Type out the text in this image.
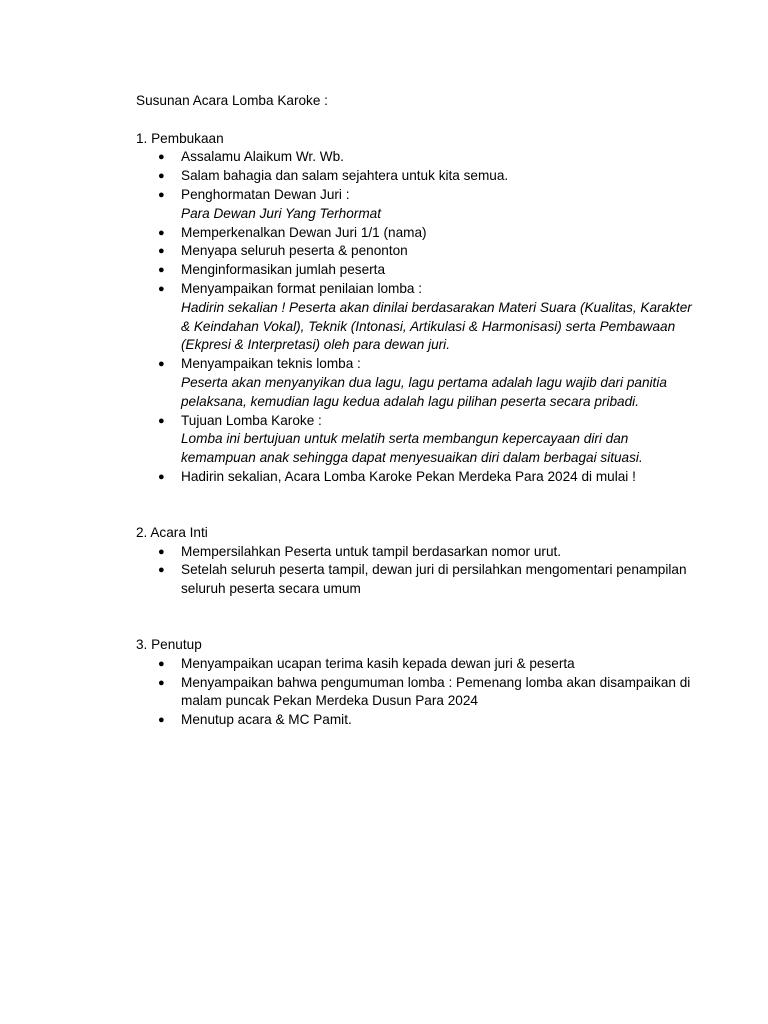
Susunan Acara Lomba Karoke :

1. Pembukaan

● Assalamu Alaikum Wr. Wb.
● Salam bahagia dan salam sejahtera untuk kita semua.
● Penghormatan Dewan Juri :
Para Dewan Juri Yang Terhormat
● Memperkenalkan Dewan Juri 1/1 (nama)
● Menyapa seluruh peserta & penonton
● Menginformasikan jumlah peserta
● Menyampaikan format penilaian lomba :
Hadirin sekalian ! Peserta akan dinilai berdasarakan Materi Suara (Kualitas, Karakter & Keindahan Vokal), Teknik (Intonasi, Artikulasi & Harmonisasi) serta Pembawaan (Ekpresi & Interpretasi) oleh para dewan juri.
● Menyampaikan teknis lomba :
Peserta akan menyanyikan dua lagu, lagu pertama adalah lagu wajib dari panitia pelaksana, kemudian lagu kedua adalah lagu pilihan peserta secara pribadi.
● Tujuan Lomba Karoke :
Lomba ini bertujuan untuk melatih serta membangun kepercayaan diri dan kemampuan anak sehingga dapat menyesuaikan diri dalam berbagai situasi.
● Hadirin sekalian, Acara Lomba Karoke Pekan Merdeka Para 2024 di mulai !

2. Acara Inti

● Mempersilahkan Peserta untuk tampil berdasarkan nomor urut.
● Setelah seluruh peserta tampil, dewan juri di persilahkan mengomentari penampilan seluruh peserta secara umum

3. Penutup

● Menyampaikan ucapan terima kasih kepada dewan juri & peserta
● Menyampaikan bahwa pengumuman lomba : Pemenang lomba akan disampaikan di malam puncak Pekan Merdeka Dusun Para 2024
● Menutup acara & MC Pamit.
